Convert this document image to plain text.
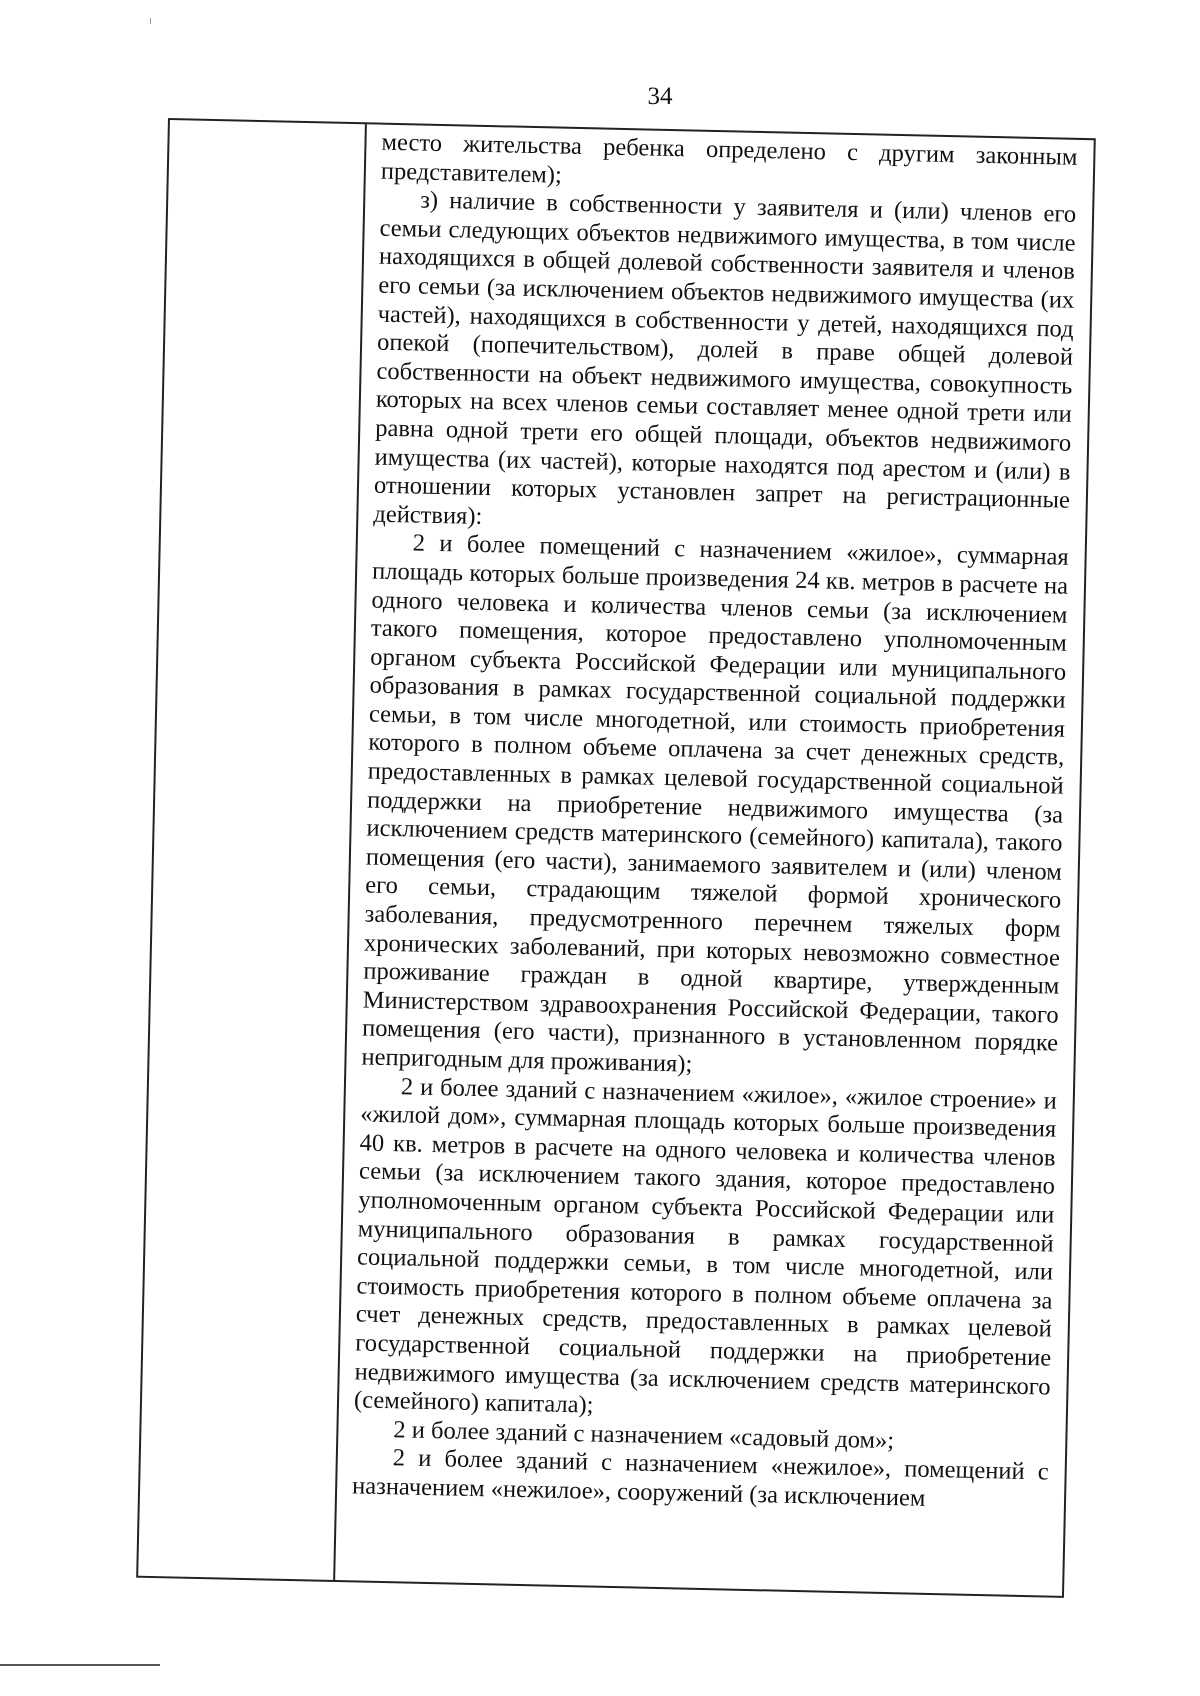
34

место жительства ребенка определено с другим законным представителем);

з) наличие в собственности у заявителя и (или) членов его семьи следующих объектов недвижимого имущества, в том числе находящихся в общей долевой собственности заявителя и членов его семьи (за исключением объектов недвижимого имущества (их частей), находящихся в собственности у детей, находящихся под опекой (попечительством), долей в праве общей долевой собственности на объект недвижимого имущества, совокупность которых на всех членов семьи составляет менее одной трети или равна одной трети его общей площади, объектов недвижимого имущества (их частей), которые находятся под арестом и (или) в отношении которых установлен запрет на регистрационные действия):

2 и более помещений с назначением «жилое», суммарная площадь которых больше произведения 24 кв. метров в расчете на одного человека и количества членов семьи (за исключением такого помещения, которое предоставлено уполномоченным органом субъекта Российской Федерации или муниципального образования в рамках государственной социальной поддержки семьи, в том числе многодетной, или стоимость приобретения которого в полном объеме оплачена за счет денежных средств, предоставленных в рамках целевой государственной социальной поддержки на приобретение недвижимого имущества (за исключением средств материнского (семейного) капитала), такого помещения (его части), занимаемого заявителем и (или) членом его семьи, страдающим тяжелой формой хронического заболевания, предусмотренного перечнем тяжелых форм хронических заболеваний, при которых невозможно совместное проживание граждан в одной квартире, утвержденным Министерством здравоохранения Российской Федерации, такого помещения (его части), признанного в установленном порядке непригодным для проживания);

2 и более зданий с назначением «жилое», «жилое строение» и «жилой дом», суммарная площадь которых больше произведения 40 кв. метров в расчете на одного человека и количества членов семьи (за исключением такого здания, которое предоставлено уполномоченным органом субъекта Российской Федерации или муниципального образования в рамках государственной социальной поддержки семьи, в том числе многодетной, или стоимость приобретения которого в полном объеме оплачена за счет денежных средств, предоставленных в рамках целевой государственной социальной поддержки на приобретение недвижимого имущества (за исключением средств материнского (семейного) капитала);

2 и более зданий с назначением «садовый дом»;

2 и более зданий с назначением «нежилое», помещений с назначением «нежилое», сооружений (за исключением
